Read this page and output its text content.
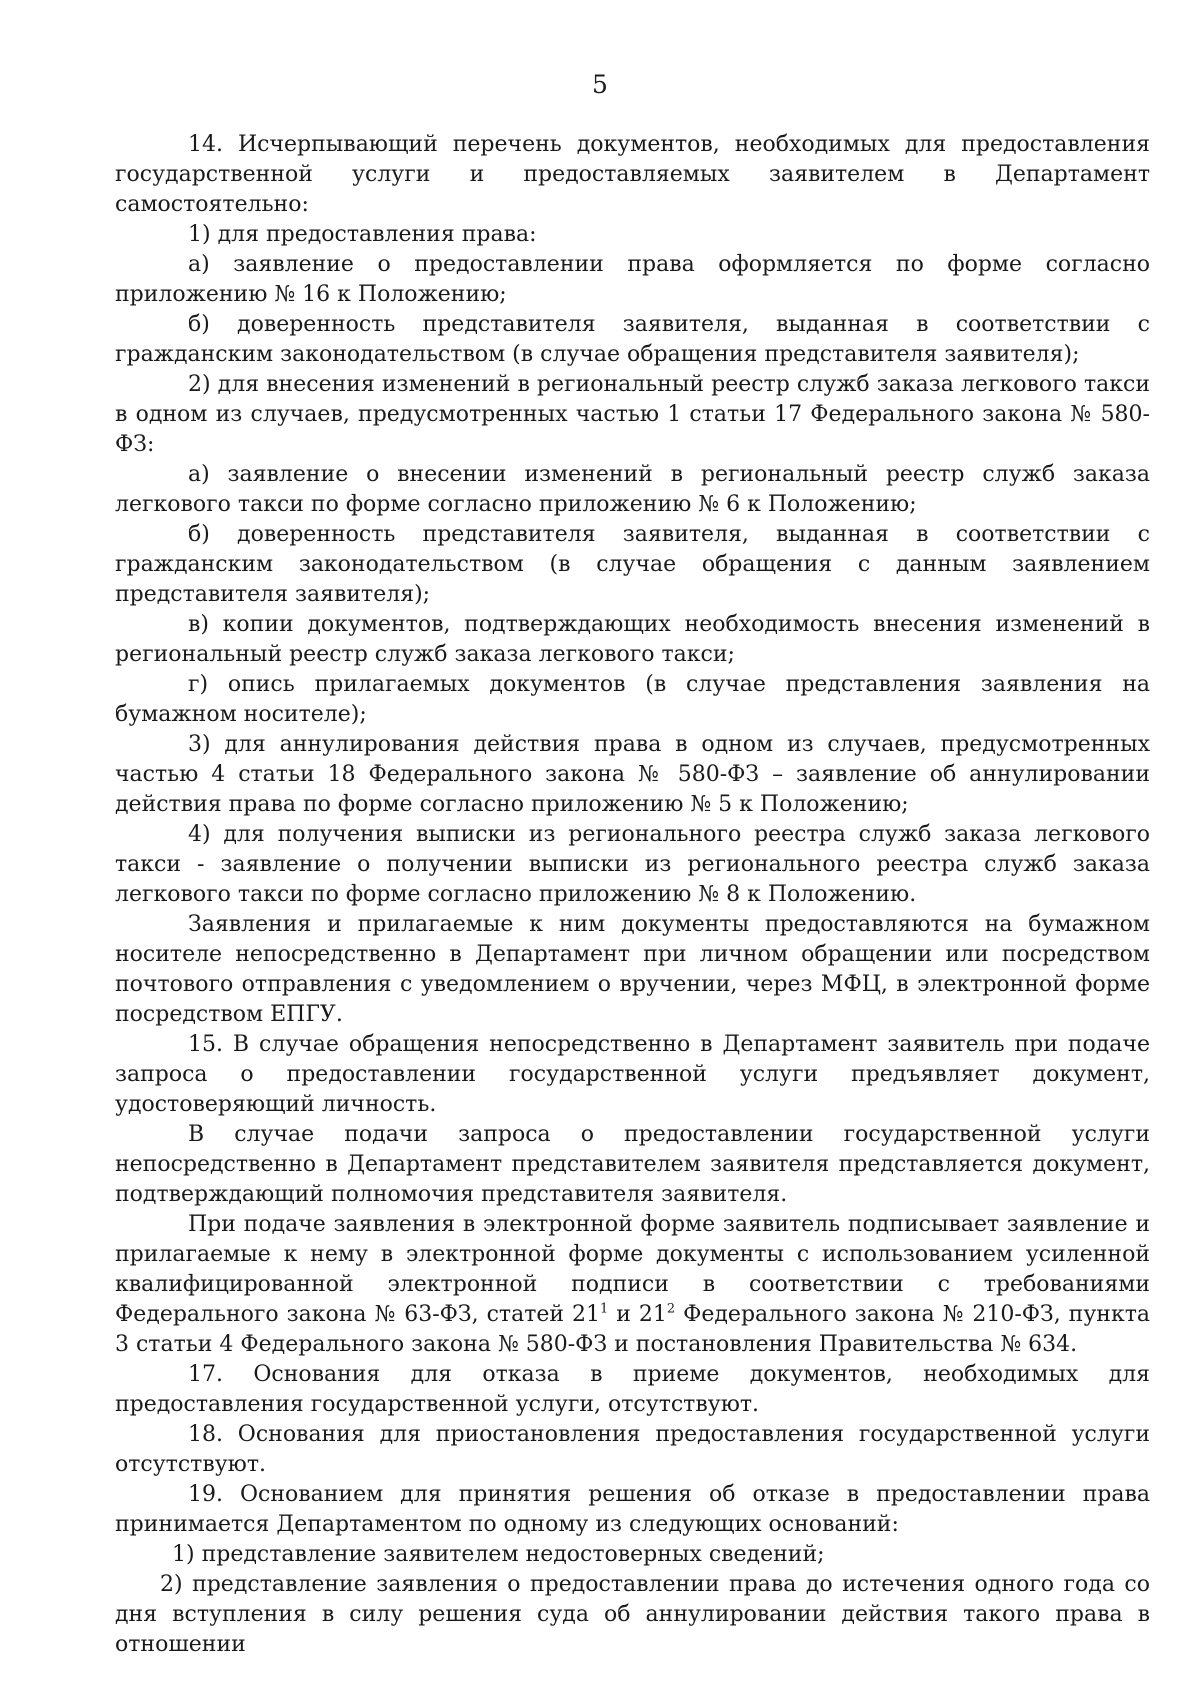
5

14. Исчерпывающий перечень документов, необходимых для предоставления государственной услуги и предоставляемых заявителем в Департамент самостоятельно:

1) для предоставления права:

а) заявление о предоставлении права оформляется по форме согласно приложению № 16 к Положению;

б) доверенность представителя заявителя, выданная в соответствии с гражданским законодательством (в случае обращения представителя заявителя);

2) для внесения изменений в региональный реестр служб заказа легкового такси в одном из случаев, предусмотренных частью 1 статьи 17 Федерального закона № 580-ФЗ:

а) заявление о внесении изменений в региональный реестр служб заказа легкового такси по форме согласно приложению № 6 к Положению;

б) доверенность представителя заявителя, выданная в соответствии с гражданским законодательством (в случае обращения с данным заявлением представителя заявителя);

в) копии документов, подтверждающих необходимость внесения изменений в региональный реестр служб заказа легкового такси;

г) опись прилагаемых документов (в случае представления заявления на бумажном носителе);

3) для аннулирования действия права в одном из случаев, предусмотренных частью 4 статьи 18 Федерального закона № 580-ФЗ – заявление об аннулировании действия права по форме согласно приложению № 5 к Положению;

4) для получения выписки из регионального реестра служб заказа легкового такси - заявление о получении выписки из регионального реестра служб заказа легкового такси по форме согласно приложению № 8 к Положению.

Заявления и прилагаемые к ним документы предоставляются на бумажном носителе непосредственно в Департамент при личном обращении или посредством почтового отправления с уведомлением о вручении, через МФЦ, в электронной форме посредством ЕПГУ.

15. В случае обращения непосредственно в Департамент заявитель при подаче запроса о предоставлении государственной услуги предъявляет документ, удостоверяющий личность.

В случае подачи запроса о предоставлении государственной услуги непосредственно в Департамент представителем заявителя представляется документ, подтверждающий полномочия представителя заявителя.

При подаче заявления в электронной форме заявитель подписывает заявление и прилагаемые к нему в электронной форме документы с использованием усиленной квалифицированной электронной подписи в соответствии с требованиями Федерального закона № 63-ФЗ, статей $21^1$ и $21^2$ Федерального закона № 210-ФЗ, пункта 3 статьи 4 Федерального закона № 580-ФЗ и постановления Правительства № 634.

17. Основания для отказа в приеме документов, необходимых для предоставления государственной услуги, отсутствуют.

18. Основания для приостановления предоставления государственной услуги отсутствуют.

19. Основанием для принятия решения об отказе в предоставлении права принимается Департаментом по одному из следующих оснований:

1) представление заявителем недостоверных сведений;

2) представление заявления о предоставлении права до истечения одного года со дня вступления в силу решения суда об аннулировании действия такого права в отношении
